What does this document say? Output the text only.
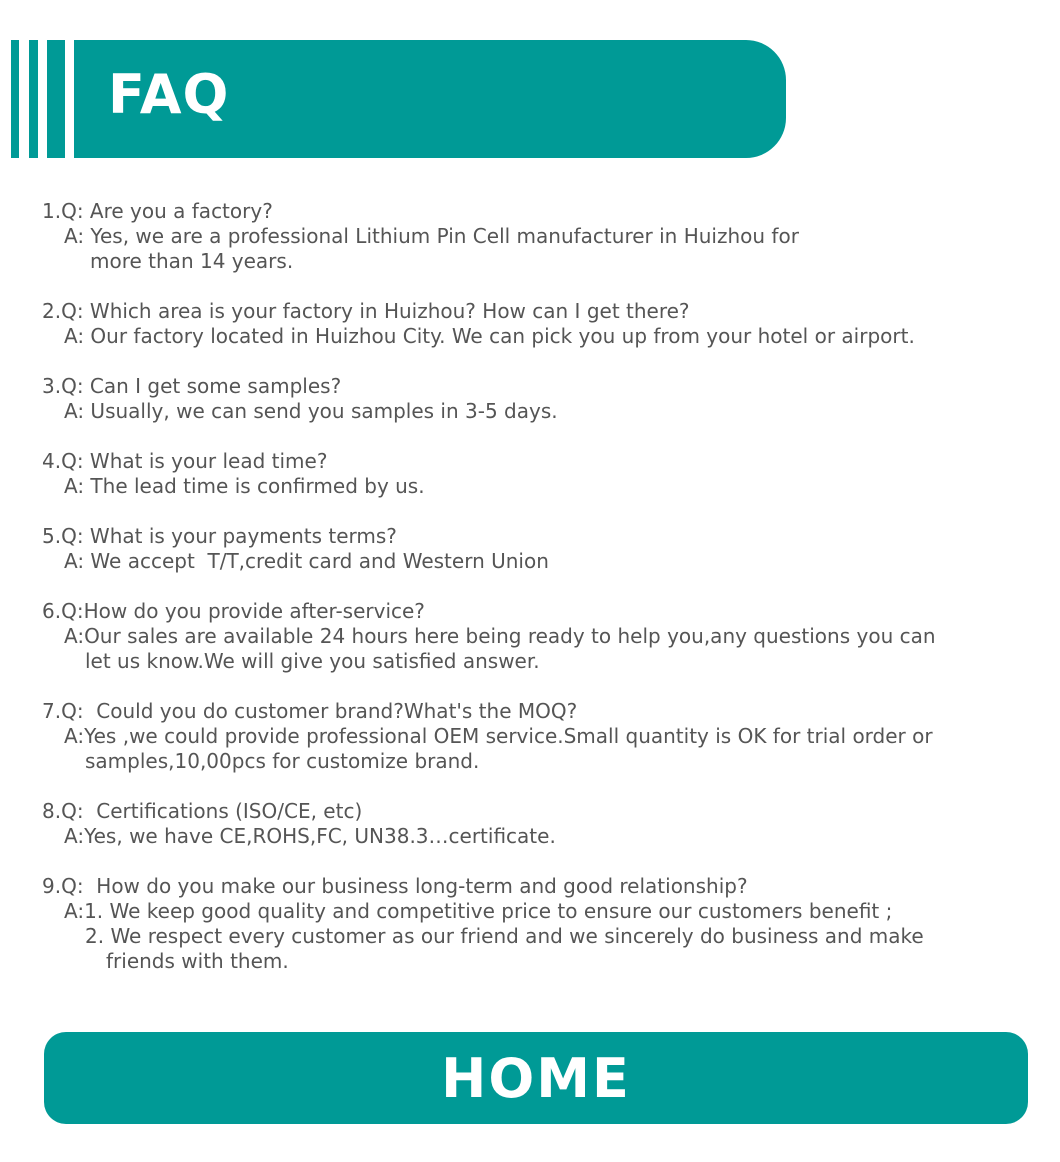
FAQ
1.Q: Are you a factory?
A: Yes, we are a professional Lithium Pin Cell manufacturer in Huizhou for
more than 14 years.
2.Q: Which area is your factory in Huizhou? How can I get there?
A: Our factory located in Huizhou City. We can pick you up from your hotel or airport.
3.Q: Can I get some samples?
A: Usually, we can send you samples in 3-5 days.
4.Q: What is your lead time?
A: The lead time is confirmed by us.
5.Q: What is your payments terms?
A: We accept  T/T,credit card and Western Union
6.Q:How do you provide after-service?
A:Our sales are available 24 hours here being ready to help you,any questions you can
let us know.We will give you satisfied answer.
7.Q:  Could you do customer brand?What's the MOQ?
A:Yes ,we could provide professional OEM service.Small quantity is OK for trial order or
samples,10,00pcs for customize brand.
8.Q:  Certifications (ISO/CE, etc)
A:Yes, we have CE,ROHS,FC, UN38.3…certificate.
9.Q:  How do you make our business long-term and good relationship?
A:1. We keep good quality and competitive price to ensure our customers benefit ;
2. We respect every customer as our friend and we sincerely do business and make
friends with them.
HOME
